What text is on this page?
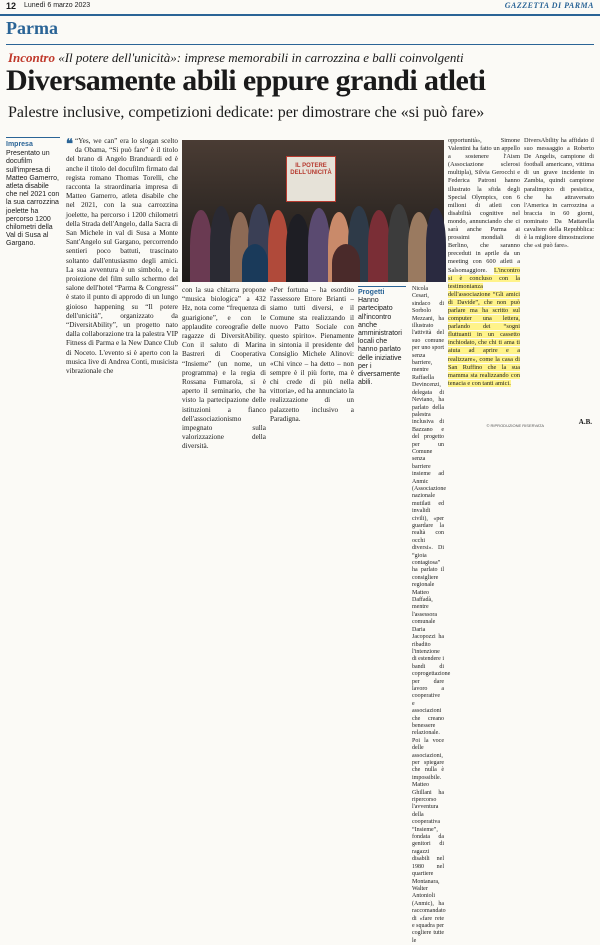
12 Lunedì 6 marzo 2023	GAZZETTA DI PARMA
Parma
Incontro «Il potere dell'unicità»: imprese memorabili in carrozzina e balli coinvolgenti
Diversamente abili eppure grandi atleti
Palestre inclusive, competizioni dedicate: per dimostrare che «si può fare»
Impresa
Presentato un docufilm sull'impresa di Matteo Gamerro, atleta disabile che nel 2021 con la sua carrozzina joelette ha percorso 1200 chilometri della Val di Susa al Gargano.
❝ “Yes, we can” era lo slogan scelto da Obama, “Si può fare” è il titolo del brano di Angelo Branduardi ed è anche il titolo del docufilm firmato dal regista romano Thomas Torelli, che racconta la straordinaria impresa di Matteo Gamerro, atleta disabile che nel 2021, con la sua carrozzina joelette, ha percorso i 1200 chilometri della Strada dell'Angelo, dalla Sacra di San Michele in val di Susa a Monte Sant'Angelo sul Gargano, percorrendo sentieri poco battuti, trascinato soltanto dall'entusiasmo degli amici. La sua avventura è un simbolo, e la proiezione del film sullo schermo del salone dell'hotel “Parma & Congressi” è stato il punto di approdo di un lungo gioioso happening su “Il potere dell'unicità”, organizzato da “DiversitAbility”, un progetto nato dalla collaborazione tra la palestra VIP Fitness di Parma e la New Dance Club di Noceto. L'evento si è aperto con la musica live di Andrea Conti, musicista vibrazionale che
IL POTERE DELL'UNICITÀ
con la sua chitarra propone “musica biologica” a 432 Hz, nota come “frequenza di guarigione”, e con le applaudite coreografie delle ragazze di DiversitAbility. Con il saluto di Marina Bastreri di Cooperativa “Insieme” (un nome, un programma) e la regia di Rossana Fumarola, si è aperto il seminario, che ha visto la partecipazione delle istituzioni a fianco dell'associazionismo impegnato sulla valorizzazione della diversità.
«Per fortuna – ha esordito l'assessore Ettore Brianti – siamo tutti diversi, e il Comune sta realizzando il nuovo Patto Sociale con questo spirito». Pienamente in sintonia il presidente del Consiglio Michele Alinovi: «Chi vince – ha detto – non sempre è il più forte, ma è chi crede di più nella vittoria», ed ha annunciato la realizzazione di un palazzetto inclusivo a Paradigna.
Progetti
Hanno partecipato all'incontro anche amministratori locali che hanno parlato delle iniziative per i diversamente abili.
Nicola Cesari, sindaco di Sorbolo Mezzani, ha illustrato l'attività del suo comune per uno sport senza barriere, mentre Raffaella Devincenzi, delegata di Neviano, ha parlato della palestra inclusiva di Bazzano e del progetto per un Comune senza barriere insieme ad Anmic (Associazione nazionale mutilati ed invalidi civili), «per guardare la realtà con occhi diversi». Di “gioia contagiosa” ha parlato il consigliere regionale Matteo Daffadà, mentre l'assessora comunale Daria Jacopozzi ha ribadito l'intenzione di estendere i bandi di coprogettazione per dare lavoro a cooperative e associazioni che creano benessere relazionale. Poi la voce delle associazioni, per spiegare che nulla è impossibile. Matteo Ghillani ha ripercorso l'avventura della cooperativa “Insieme”, fondata da genitori di ragazzi disabili nel 1980 nel quartiere Montanara, Walter Antonioli (Anmic), ha raccomandato di «fare rete e squadra per cogliere tutte le
opportunità», Simone Valentini ha fatto un appello a sostenere l'Aism (Associazione sclerosi multipla), Silvia Gerocchi e Federica Patroni hanno illustrato la sfida degli Special Olympics, con 6 milioni di atleti con disabilità cognitive nel mondo, annunciando che ci sarà anche Parma ai prossimi mondiali di Berlino, che saranno preceduti in aprile da un meeting con 600 atleti a Salsomaggiore. L'incontro si è concluso con la testimonianza dell'associazione “Gli amici di Davide”, che non può parlare ma ha scritto sul computer una lettera, parlando dei “sogni fluttuanti in un cassetto inchiodato, che chi ti ama ti aiuta ad aprire e a realizzare», come la casa di San Ruffino che la sua mamma sta realizzando con tenacia e con tanti amici.
DiversAbility ha affidato il suo messaggio a Roberto De Angelis, campione di football americano, vittima di un grave incidente in Zambia, quindi campione paralimpico di pesistica, che ha attraversato l'America in carrozzina a braccia in 60 giorni, nominato Da Mattarella cavaliere della Repubblica: è la migliore dimostrazione che «si può fare».
© RIPRODUZIONE RISERVATA	A.B.
